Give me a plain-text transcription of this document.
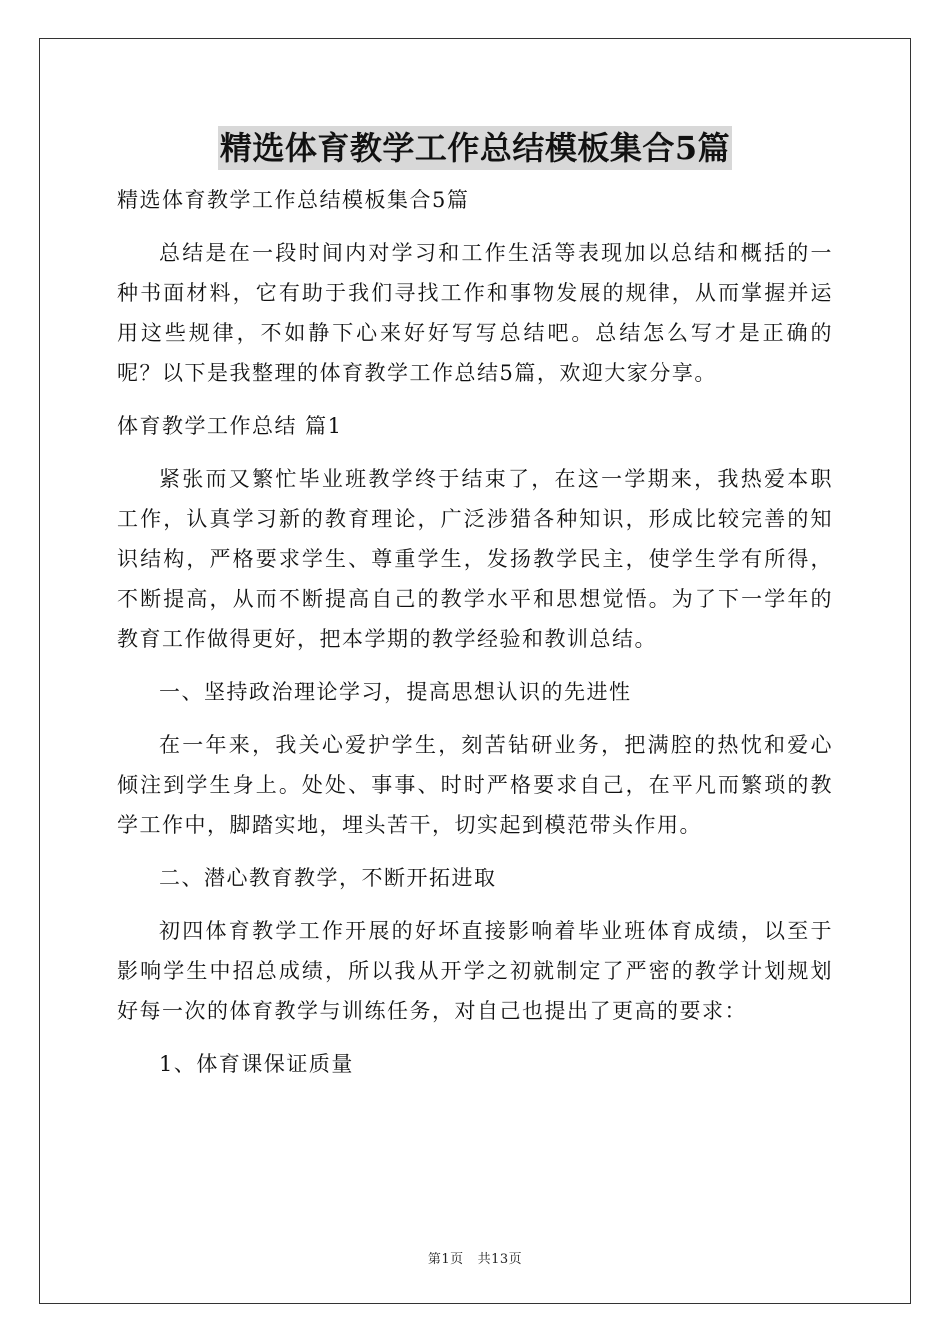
精选体育教学工作总结模板集合5篇

精选体育教学工作总结模板集合5篇

总结是在一段时间内对学习和工作生活等表现加以总结和概括的一种书面材料，它有助于我们寻找工作和事物发展的规律，从而掌握并运用这些规律，不如静下心来好好写写总结吧。总结怎么写才是正确的呢？以下是我整理的体育教学工作总结5篇，欢迎大家分享。

体育教学工作总结 篇1

紧张而又繁忙毕业班教学终于结束了，在这一学期来，我热爱本职工作，认真学习新的教育理论，广泛涉猎各种知识，形成比较完善的知识结构，严格要求学生、尊重学生，发扬教学民主，使学生学有所得，不断提高，从而不断提高自己的教学水平和思想觉悟。为了下一学年的教育工作做得更好，把本学期的教学经验和教训总结。

一、坚持政治理论学习，提高思想认识的先进性

在一年来，我关心爱护学生，刻苦钻研业务，把满腔的热忱和爱心倾注到学生身上。处处、事事、时时严格要求自己，在平凡而繁琐的教学工作中，脚踏实地，埋头苦干，切实起到模范带头作用。

二、潜心教育教学，不断开拓进取

初四体育教学工作开展的好坏直接影响着毕业班体育成绩，以至于影响学生中招总成绩，所以我从开学之初就制定了严密的教学计划规划好每一次的体育教学与训练任务，对自己也提出了更高的要求：

1、体育课保证质量

第1页 共13页
